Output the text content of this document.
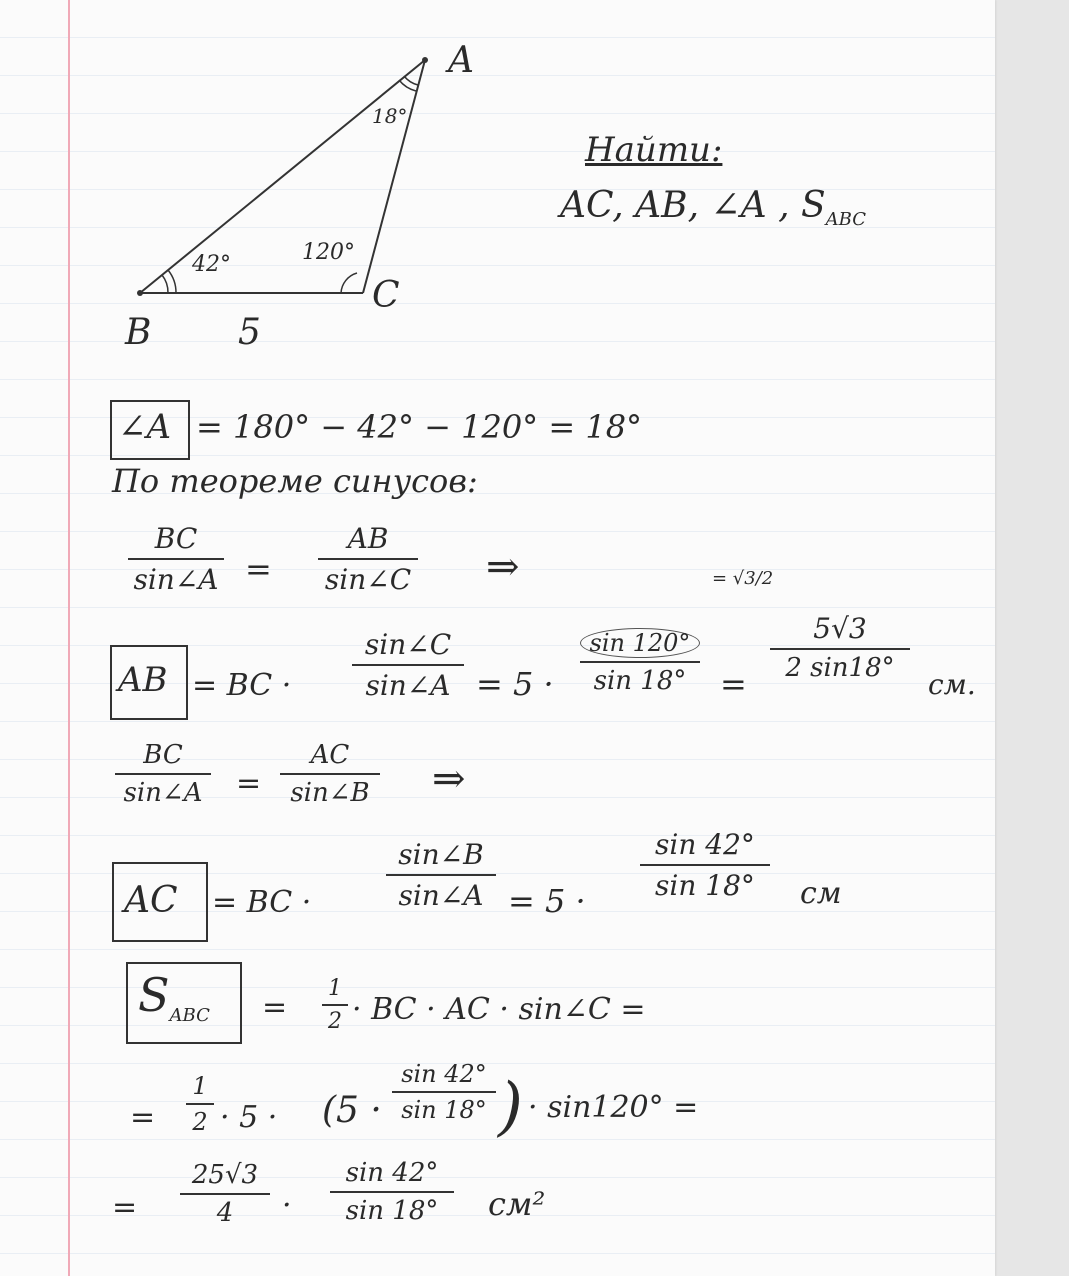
A
B
C
18°
42°	120°
5
Найти:
AC, AB, ∠A , $S_{ABC}$
∠A = 180° − 42° − 120° = 18°
По теореме синусов:
BC
sin∠A =
AB
sin∠C ⇒
AB = BC ·
sin∠C
sin∠A = $5 \cdot \frac{\sin 120^\circ}{\sin 18^\circ}$
= √3/2
=
5√3
2 sin18°	см.
BC
sin∠A =
AC
sin∠B ⇒
AC = BC ·
sin∠B
sin∠A = 5 ·
sin 42°
sin 18°	см
$S_{ABC}$ =
1
2 · BC · AC · sin∠C =
=
1
2 · 5 · (5 ·
sin 42°
sin 18° ) · sin120° =
=
25√3
4	·
sin 42°
sin 18°	см²
